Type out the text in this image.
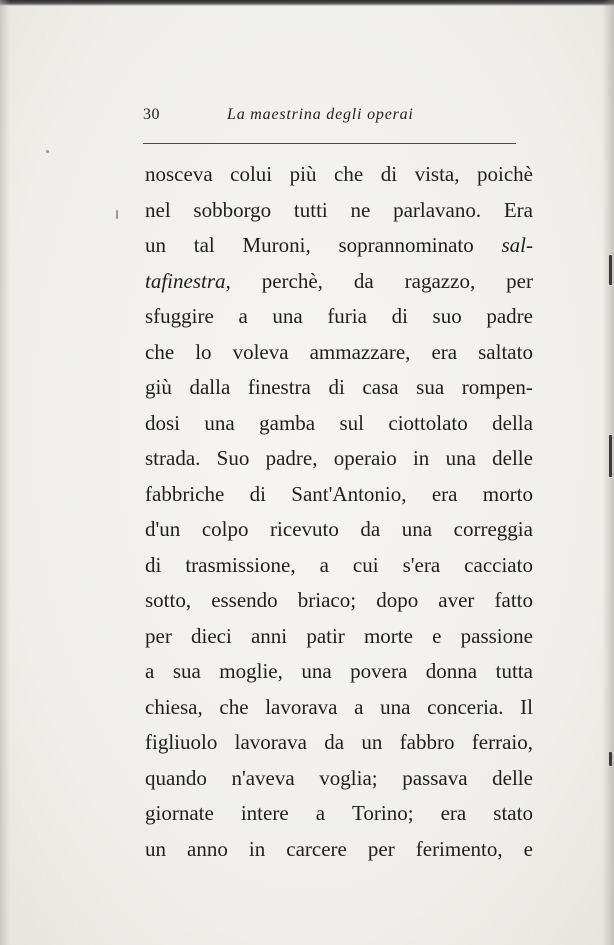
30	La maestrina degli operai
nosceva colui più che di vista, poichè
nel sobborgo tutti ne parlavano. Era
un tal Muroni, soprannominato sal-
tafinestra, perchè, da ragazzo, per
sfuggire a una furia di suo padre
che lo voleva ammazzare, era saltato
giù dalla finestra di casa sua rompen-
dosi una gamba sul ciottolato della
strada. Suo padre, operaio in una delle
fabbriche di Sant'Antonio, era morto
d'un colpo ricevuto da una correggia
di trasmissione, a cui s'era cacciato
sotto, essendo briaco; dopo aver fatto
per dieci anni patir morte e passione
a sua moglie, una povera donna tutta
chiesa, che lavorava a una conceria. Il
figliuolo lavorava da un fabbro ferraio,
quando n'aveva voglia; passava delle
giornate intere a Torino; era stato
un anno in carcere per ferimento, e
